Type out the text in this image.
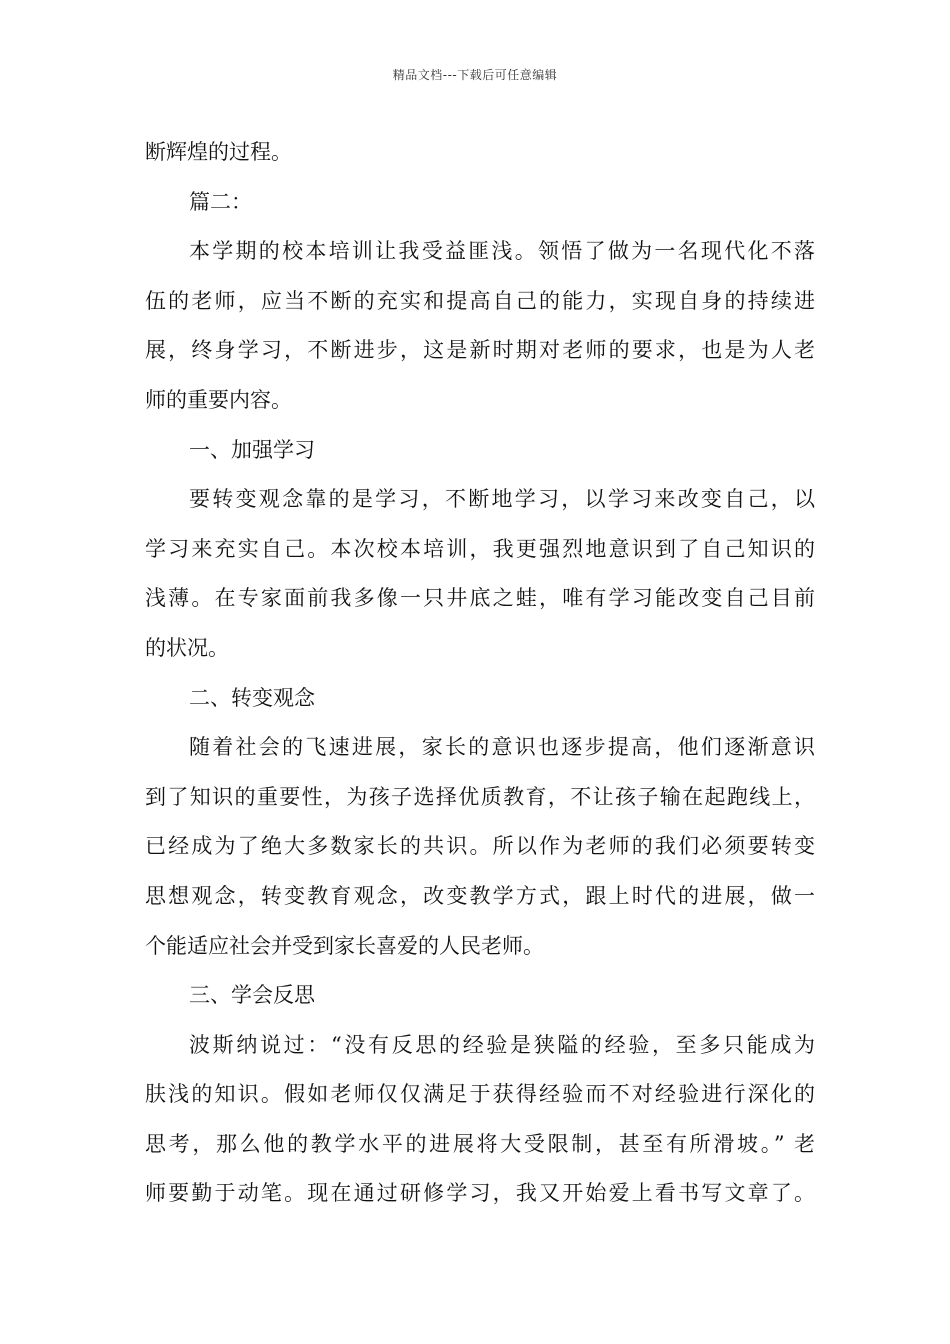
精品文档---下载后可任意编辑
断辉煌的过程。
篇二：
本学期的校本培训让我受益匪浅。领悟了做为一名现代化不落
伍的老师，应当不断的充实和提高自己的能力，实现自身的持续进
展，终身学习，不断进步，这是新时期对老师的要求，也是为人老
师的重要内容。
一、加强学习
要转变观念靠的是学习，不断地学习，以学习来改变自己，以
学习来充实自己。本次校本培训，我更强烈地意识到了自己知识的
浅薄。在专家面前我多像一只井底之蛙，唯有学习能改变自己目前
的状况。
二、转变观念
随着社会的飞速进展，家长的意识也逐步提高，他们逐渐意识
到了知识的重要性，为孩子选择优质教育，不让孩子输在起跑线上，
已经成为了绝大多数家长的共识。所以作为老师的我们必须要转变
思想观念，转变教育观念，改变教学方式，跟上时代的进展，做一
个能适应社会并受到家长喜爱的人民老师。
三、学会反思
波斯纳说过：“没有反思的经验是狭隘的经验，至多只能成为
肤浅的知识。假如老师仅仅满足于获得经验而不对经验进行深化的
思考，那么他的教学水平的进展将大受限制，甚至有所滑坡。” 老
师要勤于动笔。现在通过研修学习，我又开始爱上看书写文章了。
